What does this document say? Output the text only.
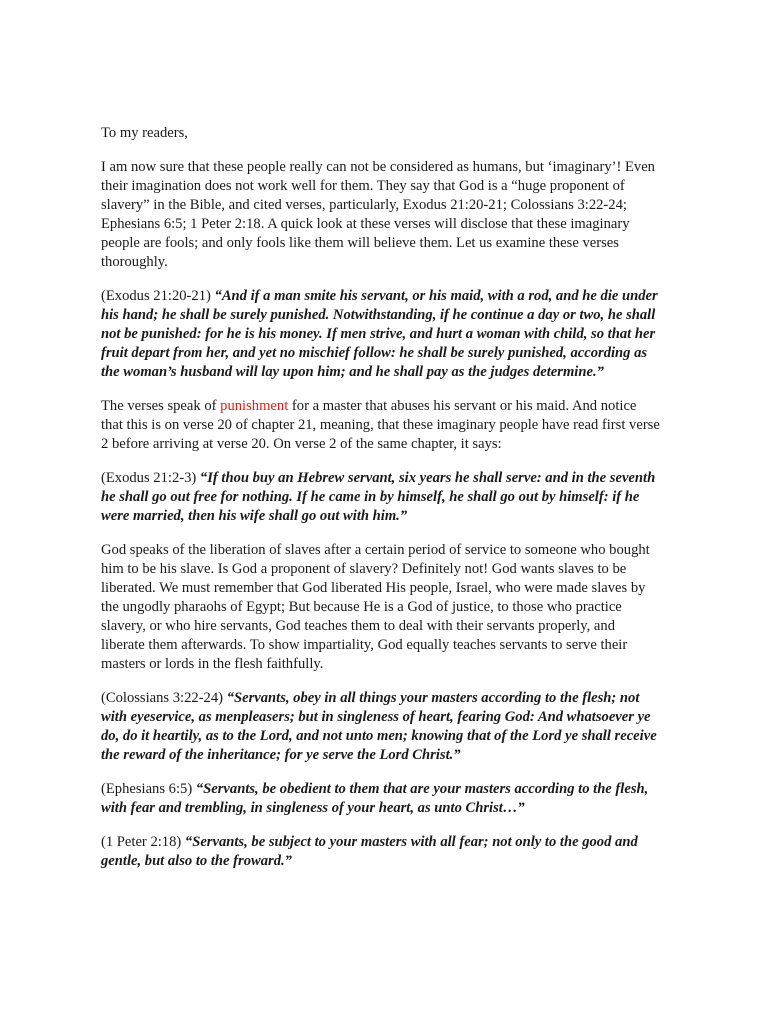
To my readers,

I am now sure that these people really can not be considered as humans, but ‘imaginary’! Even their imagination does not work well for them. They say that God is a “huge proponent of slavery” in the Bible, and cited verses, particularly, Exodus 21:20-21; Colossians 3:22-24; Ephesians 6:5; 1 Peter 2:18. A quick look at these verses will disclose that these imaginary people are fools; and only fools like them will believe them. Let us examine these verses thoroughly.

(Exodus 21:20-21) “And if a man smite his servant, or his maid, with a rod, and he die under his hand; he shall be surely punished. Notwithstanding, if he continue a day or two, he shall not be punished: for he is his money. If men strive, and hurt a woman with child, so that her fruit depart from her, and yet no mischief follow: he shall be surely punished, according as the woman’s husband will lay upon him; and he shall pay as the judges determine.”

The verses speak of punishment for a master that abuses his servant or his maid. And notice that this is on verse 20 of chapter 21, meaning, that these imaginary people have read first verse 2 before arriving at verse 20. On verse 2 of the same chapter, it says:

(Exodus 21:2-3) “If thou buy an Hebrew servant, six years he shall serve: and in the seventh he shall go out free for nothing. If he came in by himself, he shall go out by himself: if he were married, then his wife shall go out with him.”

God speaks of the liberation of slaves after a certain period of service to someone who bought him to be his slave. Is God a proponent of slavery? Definitely not! God wants slaves to be liberated. We must remember that God liberated His people, Israel, who were made slaves by the ungodly pharaohs of Egypt; But because He is a God of justice, to those who practice slavery, or who hire servants, God teaches them to deal with their servants properly, and liberate them afterwards. To show impartiality, God equally teaches servants to serve their masters or lords in the flesh faithfully.

(Colossians 3:22-24) “Servants, obey in all things your masters according to the flesh; not with eyeservice, as menpleasers; but in singleness of heart, fearing God: And whatsoever ye do, do it heartily, as to the Lord, and not unto men; knowing that of the Lord ye shall receive the reward of the inheritance; for ye serve the Lord Christ.”

(Ephesians 6:5) “Servants, be obedient to them that are your masters according to the flesh, with fear and trembling, in singleness of your heart, as unto Christ…”

(1 Peter 2:18) “Servants, be subject to your masters with all fear; not only to the good and gentle, but also to the froward.”
